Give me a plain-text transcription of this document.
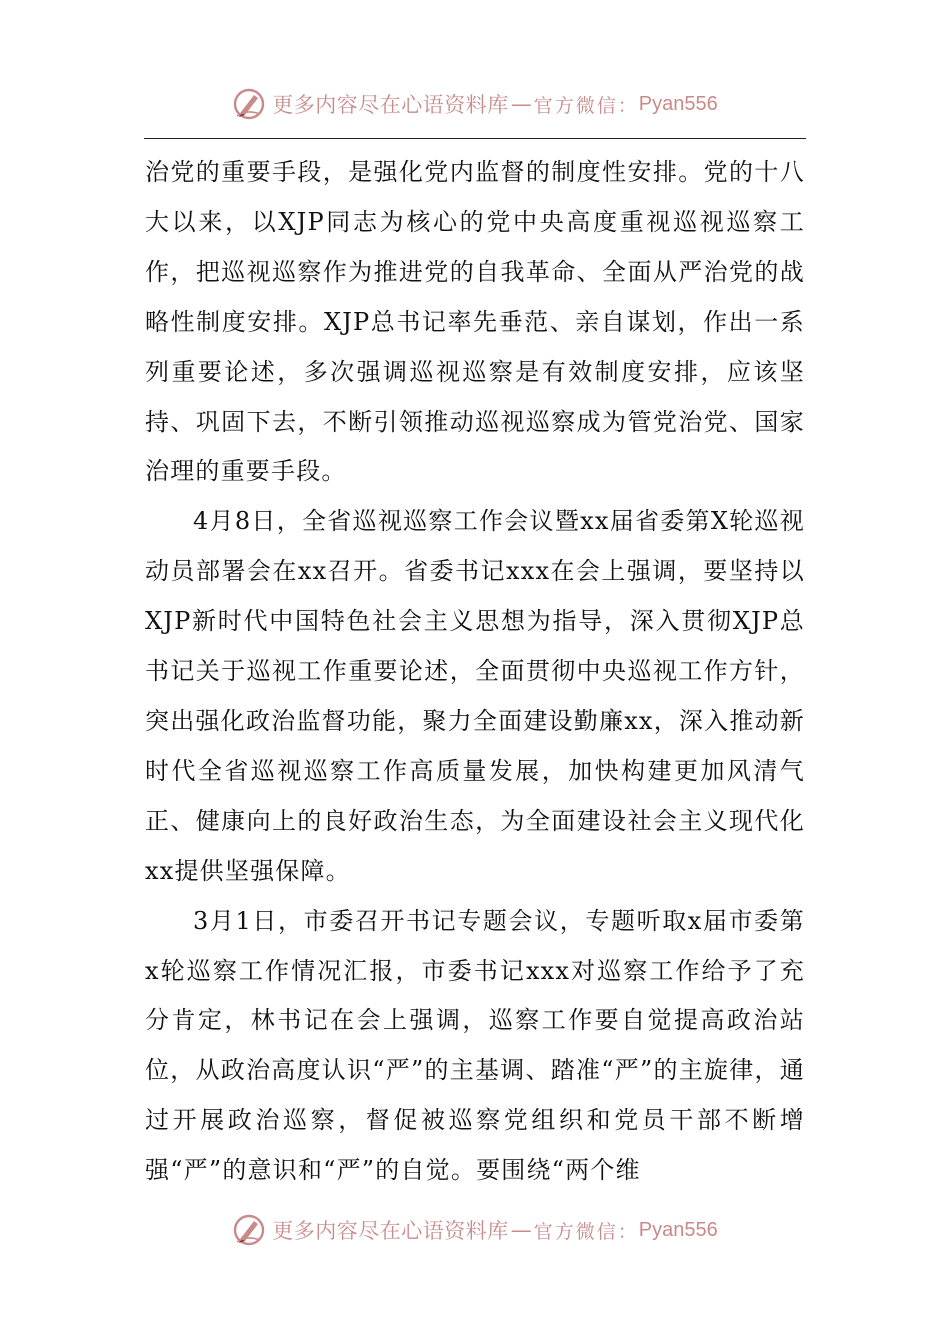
更多内容尽在心语资料库 — 官方微信： Pyan556

治党的重要手段，是强化党内监督的制度性安排。党的十八大以来，以XJP同志为核心的党中央高度重视巡视巡察工作，把巡视巡察作为推进党的自我革命、全面从严治党的战略性制度安排。XJP总书记率先垂范、亲自谋划，作出一系列重要论述，多次强调巡视巡察是有效制度安排，应该坚持、巩固下去，不断引领推动巡视巡察成为管党治党、国家治理的重要手段。

4月8日，全省巡视巡察工作会议暨xx届省委第X轮巡视动员部署会在xx召开。省委书记xxx在会上强调，要坚持以XJP新时代中国特色社会主义思想为指导，深入贯彻XJP总书记关于巡视工作重要论述，全面贯彻中央巡视工作方针，突出强化政治监督功能，聚力全面建设勤廉xx，深入推动新时代全省巡视巡察工作高质量发展，加快构建更加风清气正、健康向上的良好政治生态，为全面建设社会主义现代化xx提供坚强保障。

3月1日，市委召开书记专题会议，专题听取x届市委第x轮巡察工作情况汇报，市委书记xxx对巡察工作给予了充分肯定，林书记在会上强调，巡察工作要自觉提高政治站位，从政治高度认识“严”的主基调、踏准“严”的主旋律，通过开展政治巡察，督促被巡察党组织和党员干部不断增强“严”的意识和“严”的自觉。要围绕“两个维

更多内容尽在心语资料库 — 官方微信： Pyan556
